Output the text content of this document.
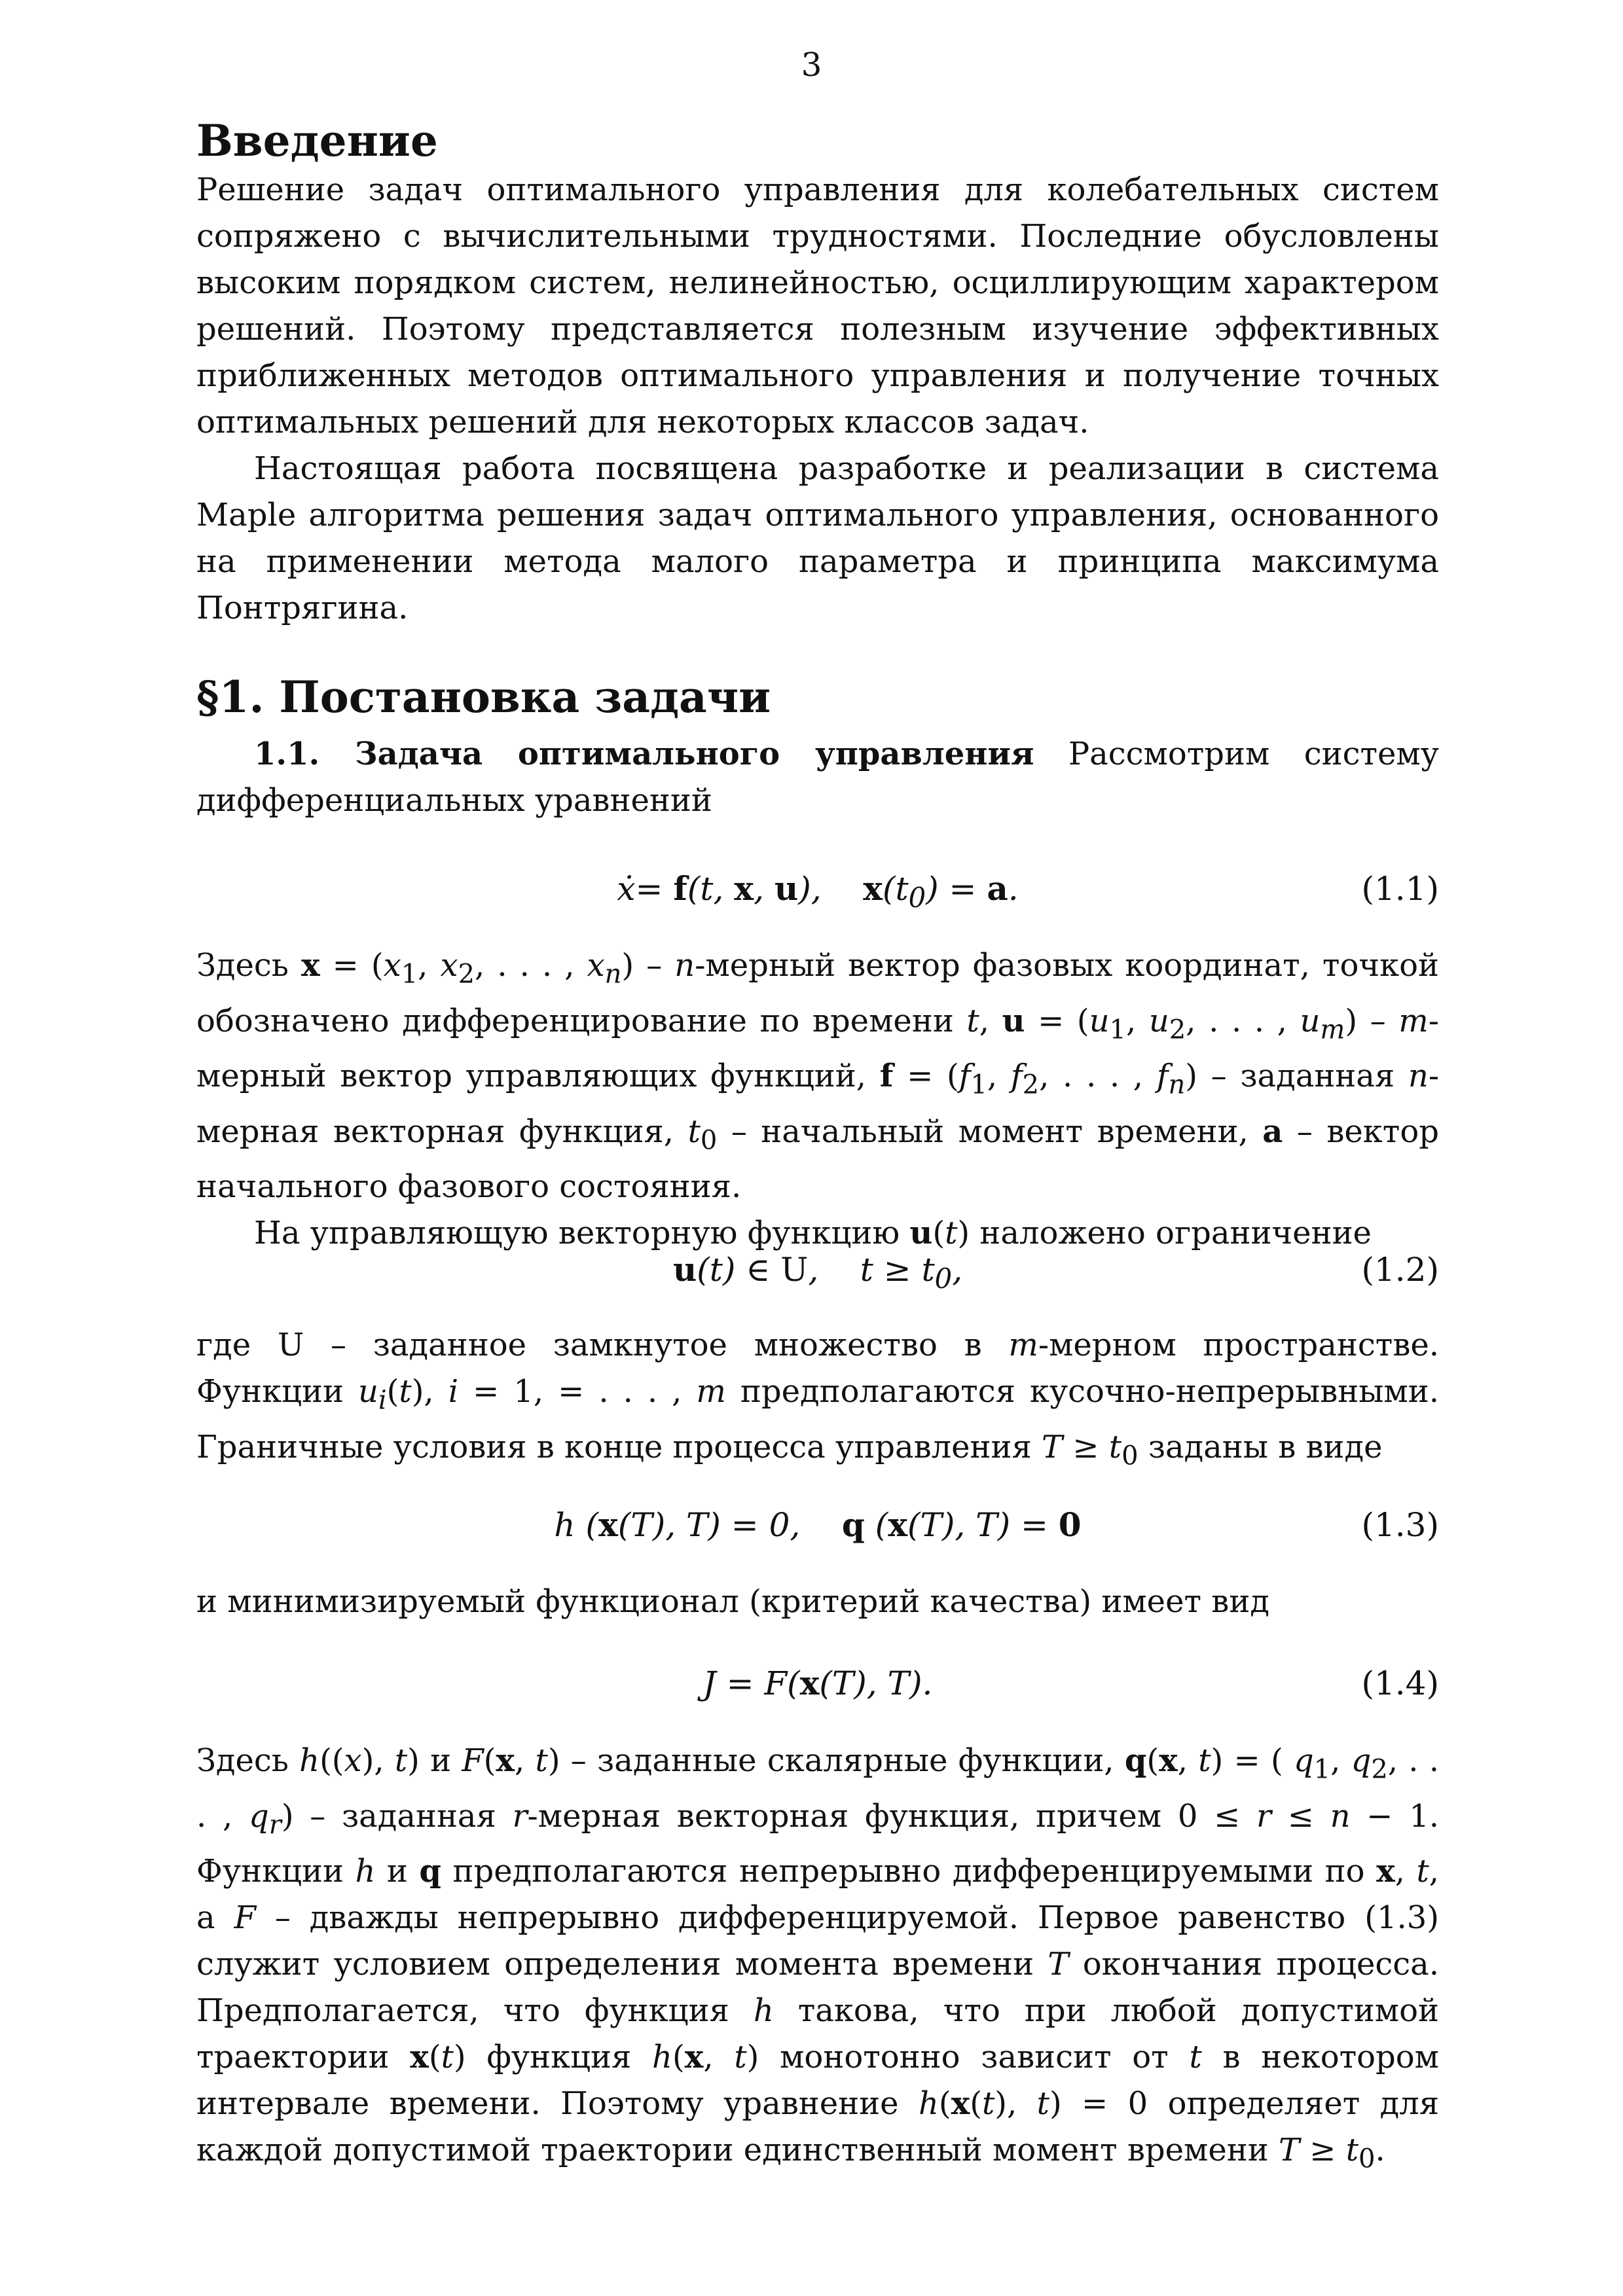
3
Введение

Решение задач оптимального управления для колебательных систем сопряжено с вычислительными трудностями. Последние обусловлены высоким порядком систем, нелинейностью, осциллирующим характером решений. Поэтому представляется полезным изучение эффективных приближенных методов оптимального управления и получение точных оптимальных решений для некоторых классов задач.

Настоящая работа посвящена разработке и реализации в система Maple алгоритма решения задач оптимального управления, основанного на применении метода малого параметра и принципа максимума Понтрягина.

§1. Постановка задачи

1.1. Задача оптимального управления Рассмотрим систему дифференциальных уравнений

ẋ= f(t, x, u),    $x(t_0) = a$.	(1.1)

Здесь $x = (x_1$, $x_2$, . . . , $x_n$) – n-мерный вектор фазовых координат, точкой обозначено дифференцирование по времени t, $u = (u_1$, $u_2$, . . . , $u_m$) – m-мерный вектор управляющих функций, $f = (f_1$, $f_2$, . . . , $f_n$) – заданная n-мерная векторная функция, $t_0$ – начальный момент времени, a – вектор начального фазового состояния.

На управляющую векторную функцию u(t) наложено ограничение

u(t) ∈ U,    $t \ge t_0$,	(1.2)

где U – заданное замкнутое множество в m-мерном пространстве. Функции $u_i(t)$, i = 1, = . . . , m предполагаются кусочно-непрерывными. Граничные условия в конце процесса управления $T \ge t_0$ заданы в виде

h (x(T), T) = 0,    q (x(T), T) = 0	(1.3)

и минимизируемый функционал (критерий качества) имеет вид

J = F(x(T), T).	(1.4)

Здесь h((x), t) и F(x, t) – заданные скалярные функции, q(x, t) = ( $q_1$, $q_2$, . . . , $q_r$) – заданная r-мерная векторная функция, причем 0 ≤ r ≤ n − 1. Функции h и q предполагаются непрерывно дифференцируемыми по x, t, а F – дважды непрерывно дифференцируемой. Первое равенство (1.3) служит условием определения момента времени T окончания процесса. Предполагается, что функция h такова, что при любой допустимой траектории x(t) функция h(x, t) монотонно зависит от t в некотором интервале времени. Поэтому уравнение h(x(t), t) = 0 определяет для каждой допустимой траектории единственный момент времени $T \ge t_0$.
